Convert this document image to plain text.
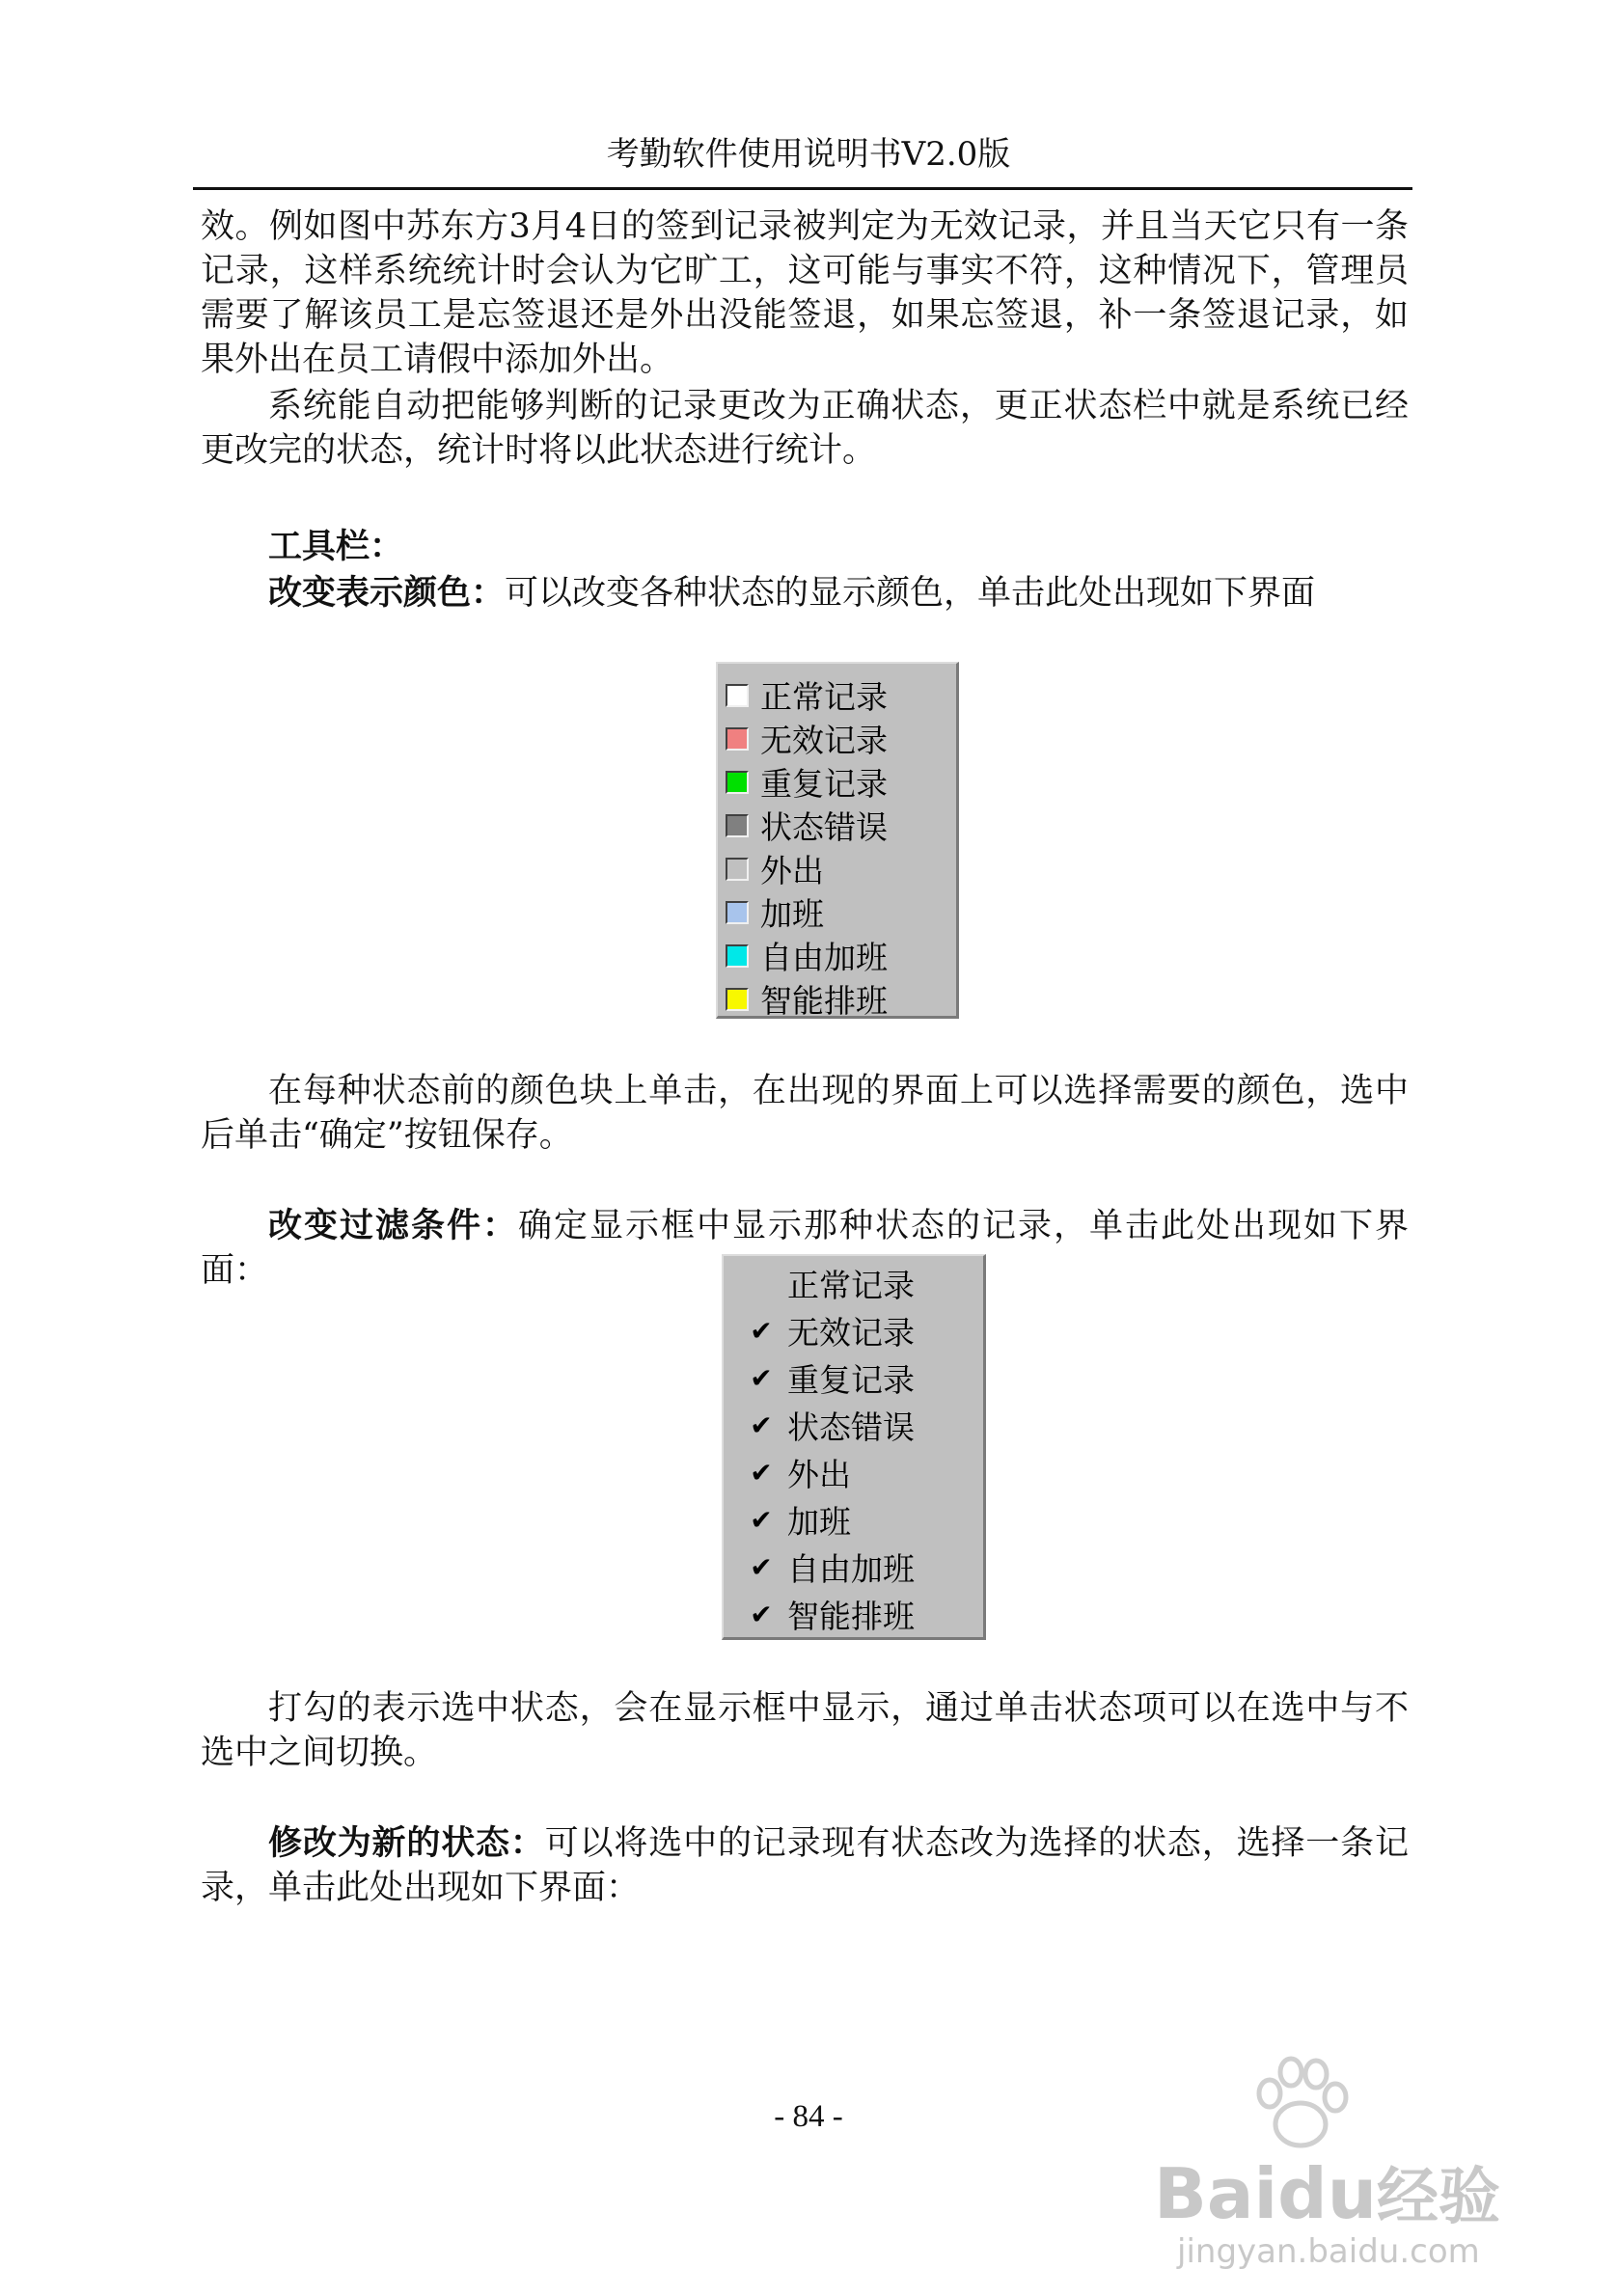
考勤软件使用说明书V2.0版

效。例如图中苏东方3月4日的签到记录被判定为无效记录，并且当天它只有一条记录，这样系统统计时会认为它旷工，这可能与事实不符，这种情况下，管理员需要了解该员工是忘签退还是外出没能签退，如果忘签退，补一条签退记录，如果外出在员工请假中添加外出。

系统能自动把能够判断的记录更改为正确状态，更正状态栏中就是系统已经更改完的状态，统计时将以此状态进行统计。

工具栏：

改变表示颜色：可以改变各种状态的显示颜色，单击此处出现如下界面

正常记录
无效记录
重复记录
状态错误
外出
加班
自由加班
智能排班

在每种状态前的颜色块上单击，在出现的界面上可以选择需要的颜色，选中后单击“确定”按钮保存。

改变过滤条件：确定显示框中显示那种状态的记录，单击此处出现如下界面：	正常记录
✔ 无效记录
✔ 重复记录
✔ 状态错误
✔ 外出
✔ 加班
✔ 自由加班
✔ 智能排班

打勾的表示选中状态，会在显示框中显示，通过单击状态项可以在选中与不选中之间切换。

修改为新的状态：可以将选中的记录现有状态改为选择的状态，选择一条记录，单击此处出现如下界面：

- 84 -
Baidu经验
jingyan.baidu.com
